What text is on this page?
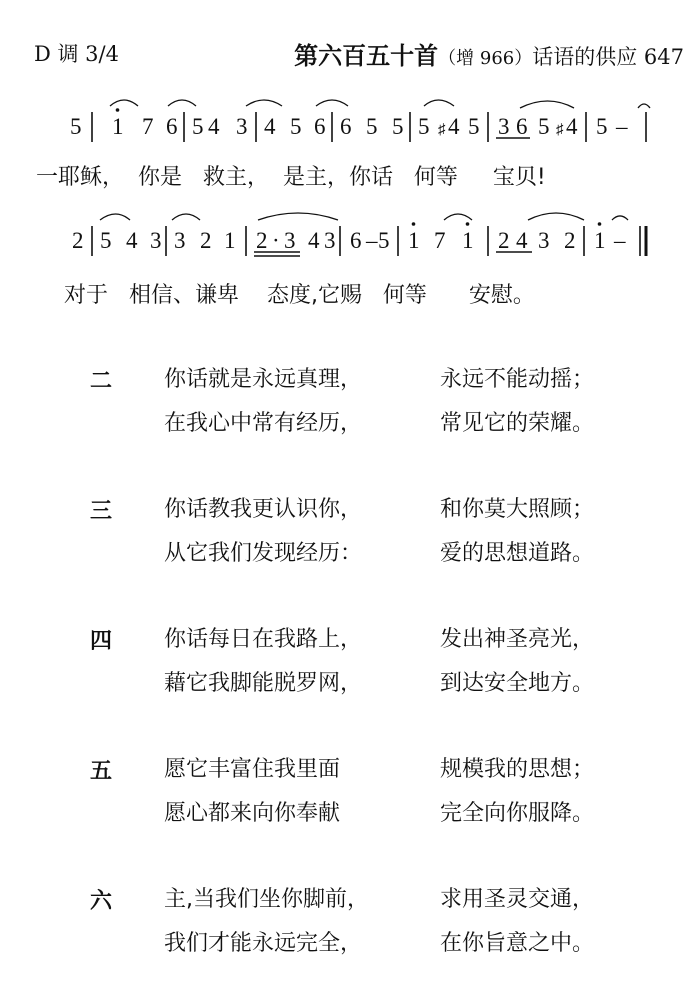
D 调 3/4	第六百五十首（增 966）话语的供应 647
5 1 7 6 5 4 3 4 5 6 6 5 5 5 ♯ 4 5 3 6 5 ♯ 4 5 –
一耶稣，  你是   救主，  是主，你话   何等     宝贝!
2 5 4 3 3 2 1 2 · 3 4 3 6 – 5 1 7 1 2 4 3 2 1 –
对于   相信、谦卑    态度,它赐   何等      安慰。
二 你话就是永远真理，	永远不能动摇；
在我心中常有经历，	常见它的荣耀。
三 你话教我更认识你，	和你莫大照顾；
从它我们发现经历：	爱的思想道路。
四 你话每日在我路上，	发出神圣亮光，
藉它我脚能脱罗网，	到达安全地方。
五 愿它丰富住我里面	规模我的思想；
愿心都来向你奉献	完全向你服降。
六 主,当我们坐你脚前，	求用圣灵交通，
我们才能永远完全，	在你旨意之中。
